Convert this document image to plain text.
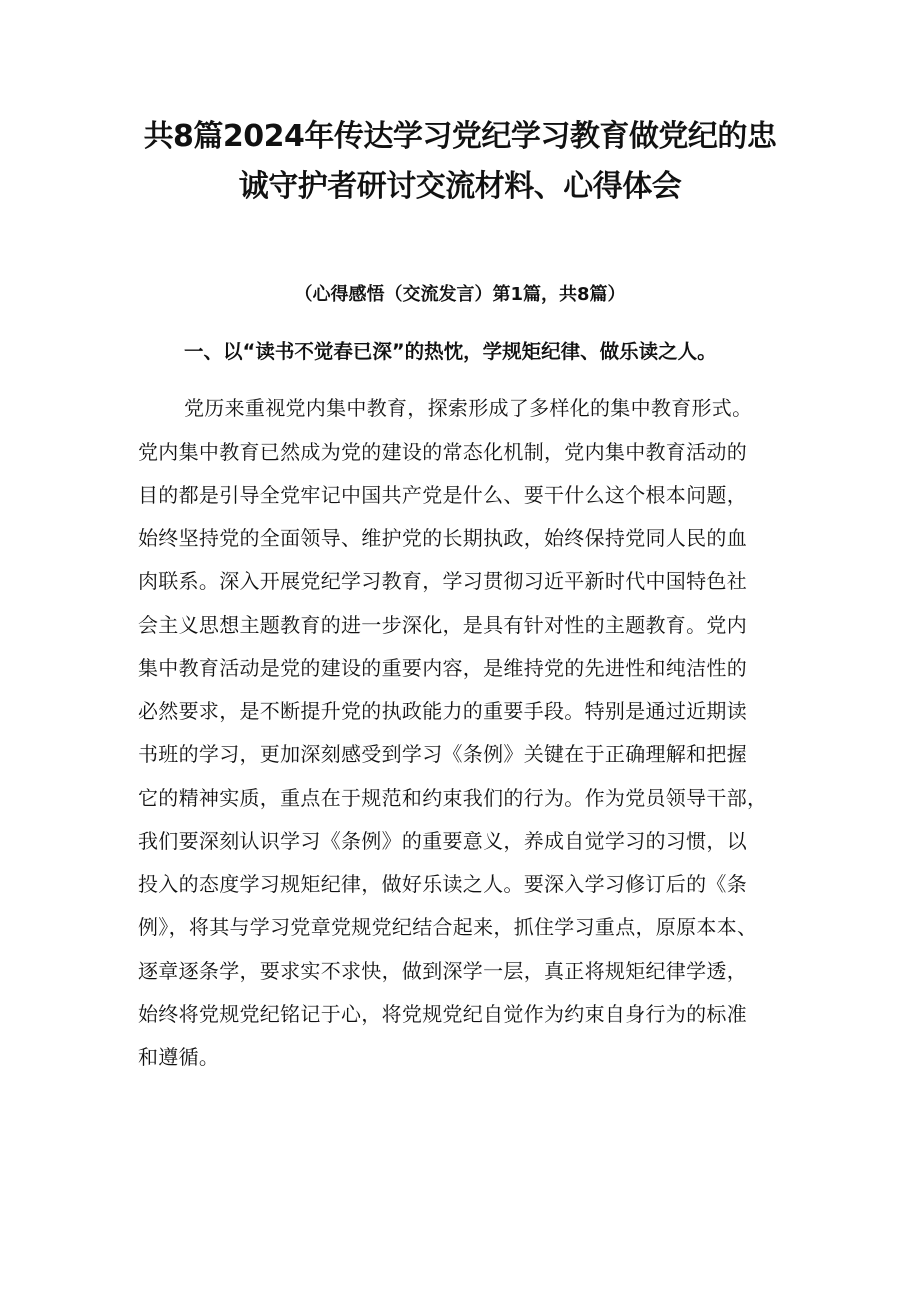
共8篇2024年传达学习党纪学习教育做党纪的忠
诚守护者研讨交流材料、心得体会
（心得感悟（交流发言）第1篇，共8篇）
一、以“读书不觉春已深”的热忱，学规矩纪律、做乐读之人。
党历来重视党内集中教育，探索形成了多样化的集中教育形式。
党内集中教育已然成为党的建设的常态化机制，党内集中教育活动的
目的都是引导全党牢记中国共产党是什么、要干什么这个根本问题，
始终坚持党的全面领导、维护党的长期执政，始终保持党同人民的血
肉联系。深入开展党纪学习教育，学习贯彻习近平新时代中国特色社
会主义思想主题教育的进一步深化，是具有针对性的主题教育。党内
集中教育活动是党的建设的重要内容，是维持党的先进性和纯洁性的
必然要求，是不断提升党的执政能力的重要手段。特别是通过近期读
书班的学习，更加深刻感受到学习《条例》关键在于正确理解和把握
它的精神实质，重点在于规范和约束我们的行为。作为党员领导干部，
我们要深刻认识学习《条例》的重要意义，养成自觉学习的习惯，以
投入的态度学习规矩纪律，做好乐读之人。要深入学习修订后的《条
例》，将其与学习党章党规党纪结合起来，抓住学习重点，原原本本、
逐章逐条学，要求实不求快，做到深学一层，真正将规矩纪律学透，
始终将党规党纪铭记于心，将党规党纪自觉作为约束自身行为的标准
和遵循。
